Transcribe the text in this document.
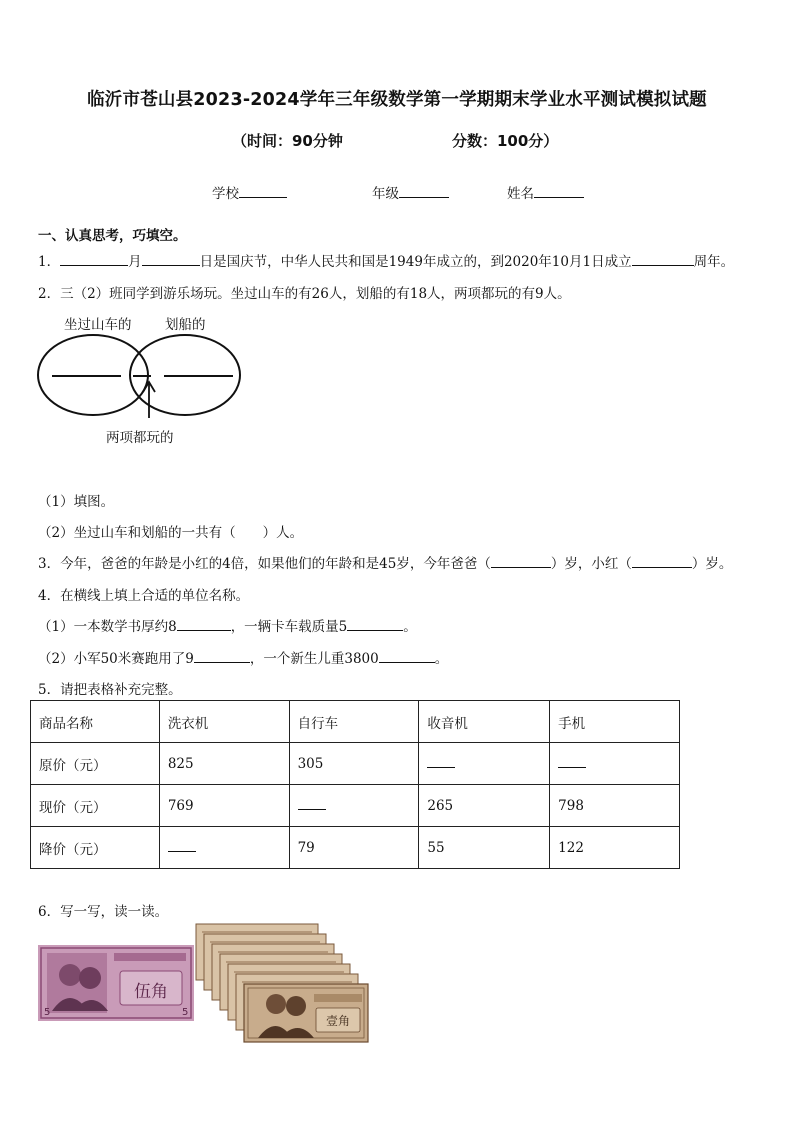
临沂市苍山县2023-2024学年三年级数学第一学期期末学业水平测试模拟试题
（时间：90分钟	分数：100分）
学校	年级	姓名
一、认真思考，巧填空。
1．	月	日是国庆节，中华人民共和国是1949年成立的，到2020年10月1日成立	周年。
2．三（2）班同学到游乐场玩。坐过山车的有26人，划船的有18人，两项都玩的有9人。
坐过山车的 划船的
两项都玩的
（1）填图。
（2）坐过山车和划船的一共有（　　）人。
3．今年，爸爸的年龄是小红的4倍，如果他们的年龄和是45岁，今年爸爸（	）岁，小红（	）岁。
4．在横线上填上合适的单位名称。
（1）一本数学书厚约8	，一辆卡车载质量5	。
（2）小军50米赛跑用了9	，一个新生儿重3800	。
5．请把表格补充完整。
商品名称	洗衣机	自行车	收音机	手机
原价（元）	825	305		
现价（元）	769		265	798
降价（元）		79	55	122
6．写一写，读一读。
伍角
5	5
壹角
